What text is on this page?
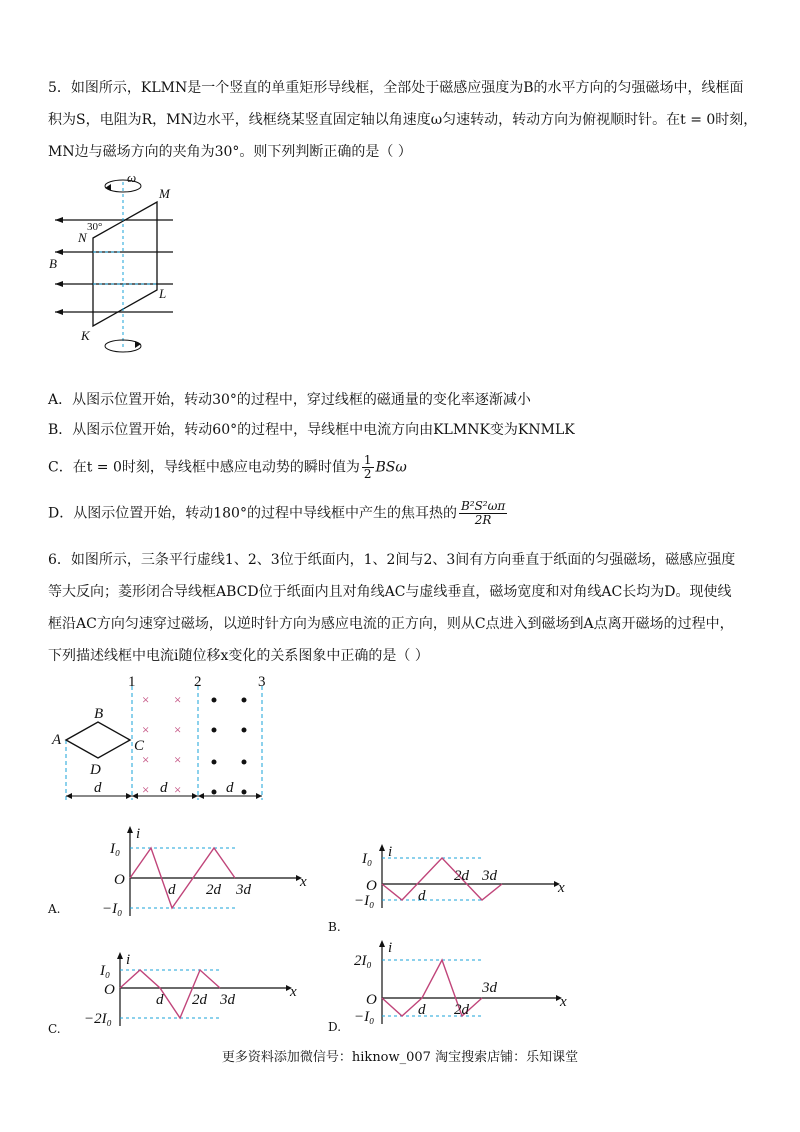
5．如图所示，KLMN是一个竖直的单重矩形导线框，全部处于磁感应强度为B的水平方向的匀强磁场中，线框面
积为S，电阻为R，MN边水平，线框绕某竖直固定轴以角速度ω匀速转动，转动方向为俯视顺时针。在t = 0时刻，
MN边与磁场方向的夹角为30°。则下列判断正确的是（ ）
ω
M
N
30°
B
L
K
A．从图示位置开始，转动30°的过程中，穿过线框的磁通量的变化率逐渐减小
B．从图示位置开始，转动60°的过程中，导线框中电流方向由KLMNK变为KNMLK
C．在t = 0时刻，导线框中感应电动势的瞬时值为 $\frac{1}{2}$ BSω
D．从图示位置开始，转动180°的过程中导线框中产生的焦耳热的 $\frac{\text{B²S²ωπ}}{2R}$
6．如图所示，三条平行虚线1、2、3位于纸面内，1、2间与2、3间有方向垂直于纸面的匀强磁场，磁感应强度
等大反向；菱形闭合导线框ABCD位于纸面内且对角线AC与虚线垂直，磁场宽度和对角线AC长均为D。现使线
框沿AC方向匀速穿过磁场，以逆时针方向为感应电流的正方向，则从C点进入到磁场到A点离开磁场的过程中，
下列描述线框中电流i随位移x变化的关系图象中正确的是（ ）
1	2	3
A
B
C
D
× ×
× ×
× ×
× ×
d	d	d
i
O	x
I₀
−I₀
d 2d 3d
A.
i
O	x
I₀
−I₀	d
2d 3d
B.
i
O	x
I₀
−2I₀
d 2d 3d
C.
i
O	x
2I₀
−I₀	d 2d
3d
D.
更多资料添加微信号：hiknow_007 淘宝搜索店铺：乐知课堂
